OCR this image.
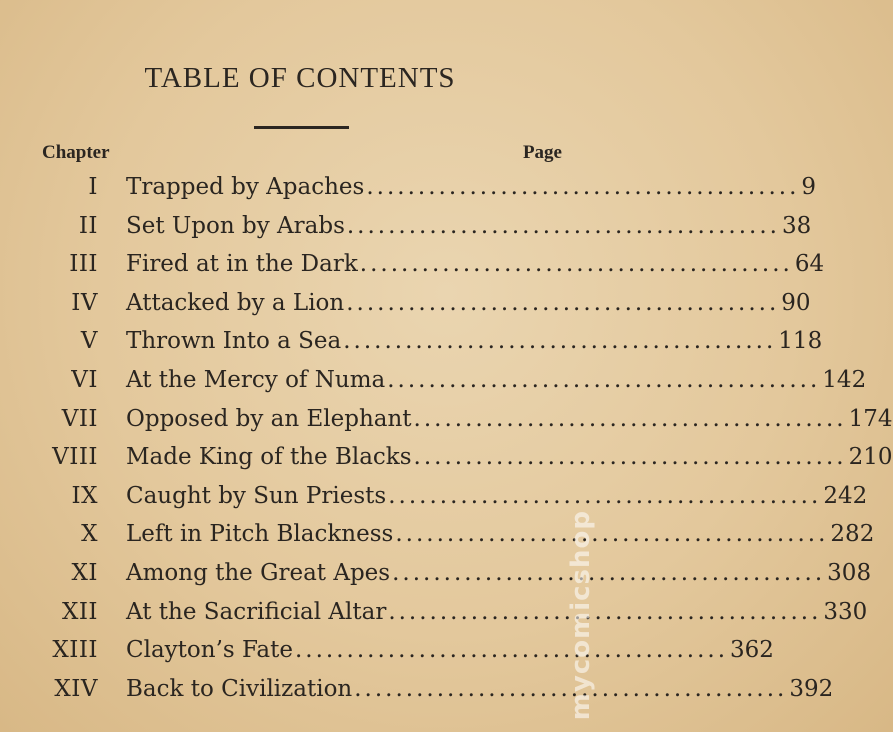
TABLE OF CONTENTS
Chapter	Page
I Trapped by Apaches .......................................... 9
II Set Upon by Arabs .......................................... 38
III Fired at in the Dark .......................................... 64
IV Attacked by a Lion .......................................... 90
V Thrown Into a Sea .......................................... 118
VI At the Mercy of Numa .......................................... 142
VII Opposed by an Elephant .......................................... 174
VIII Made King of the Blacks .......................................... 210
IX Caught by Sun Priests .......................................... 242
X Left in Pitch Blackness .......................................... 282
XI Among the Great Apes .......................................... 308
XII At the Sacrificial Altar .......................................... 330
XIII Clayton’s Fate .......................................... 362
XIV Back to Civilization .......................................... 392
mycomicshop
